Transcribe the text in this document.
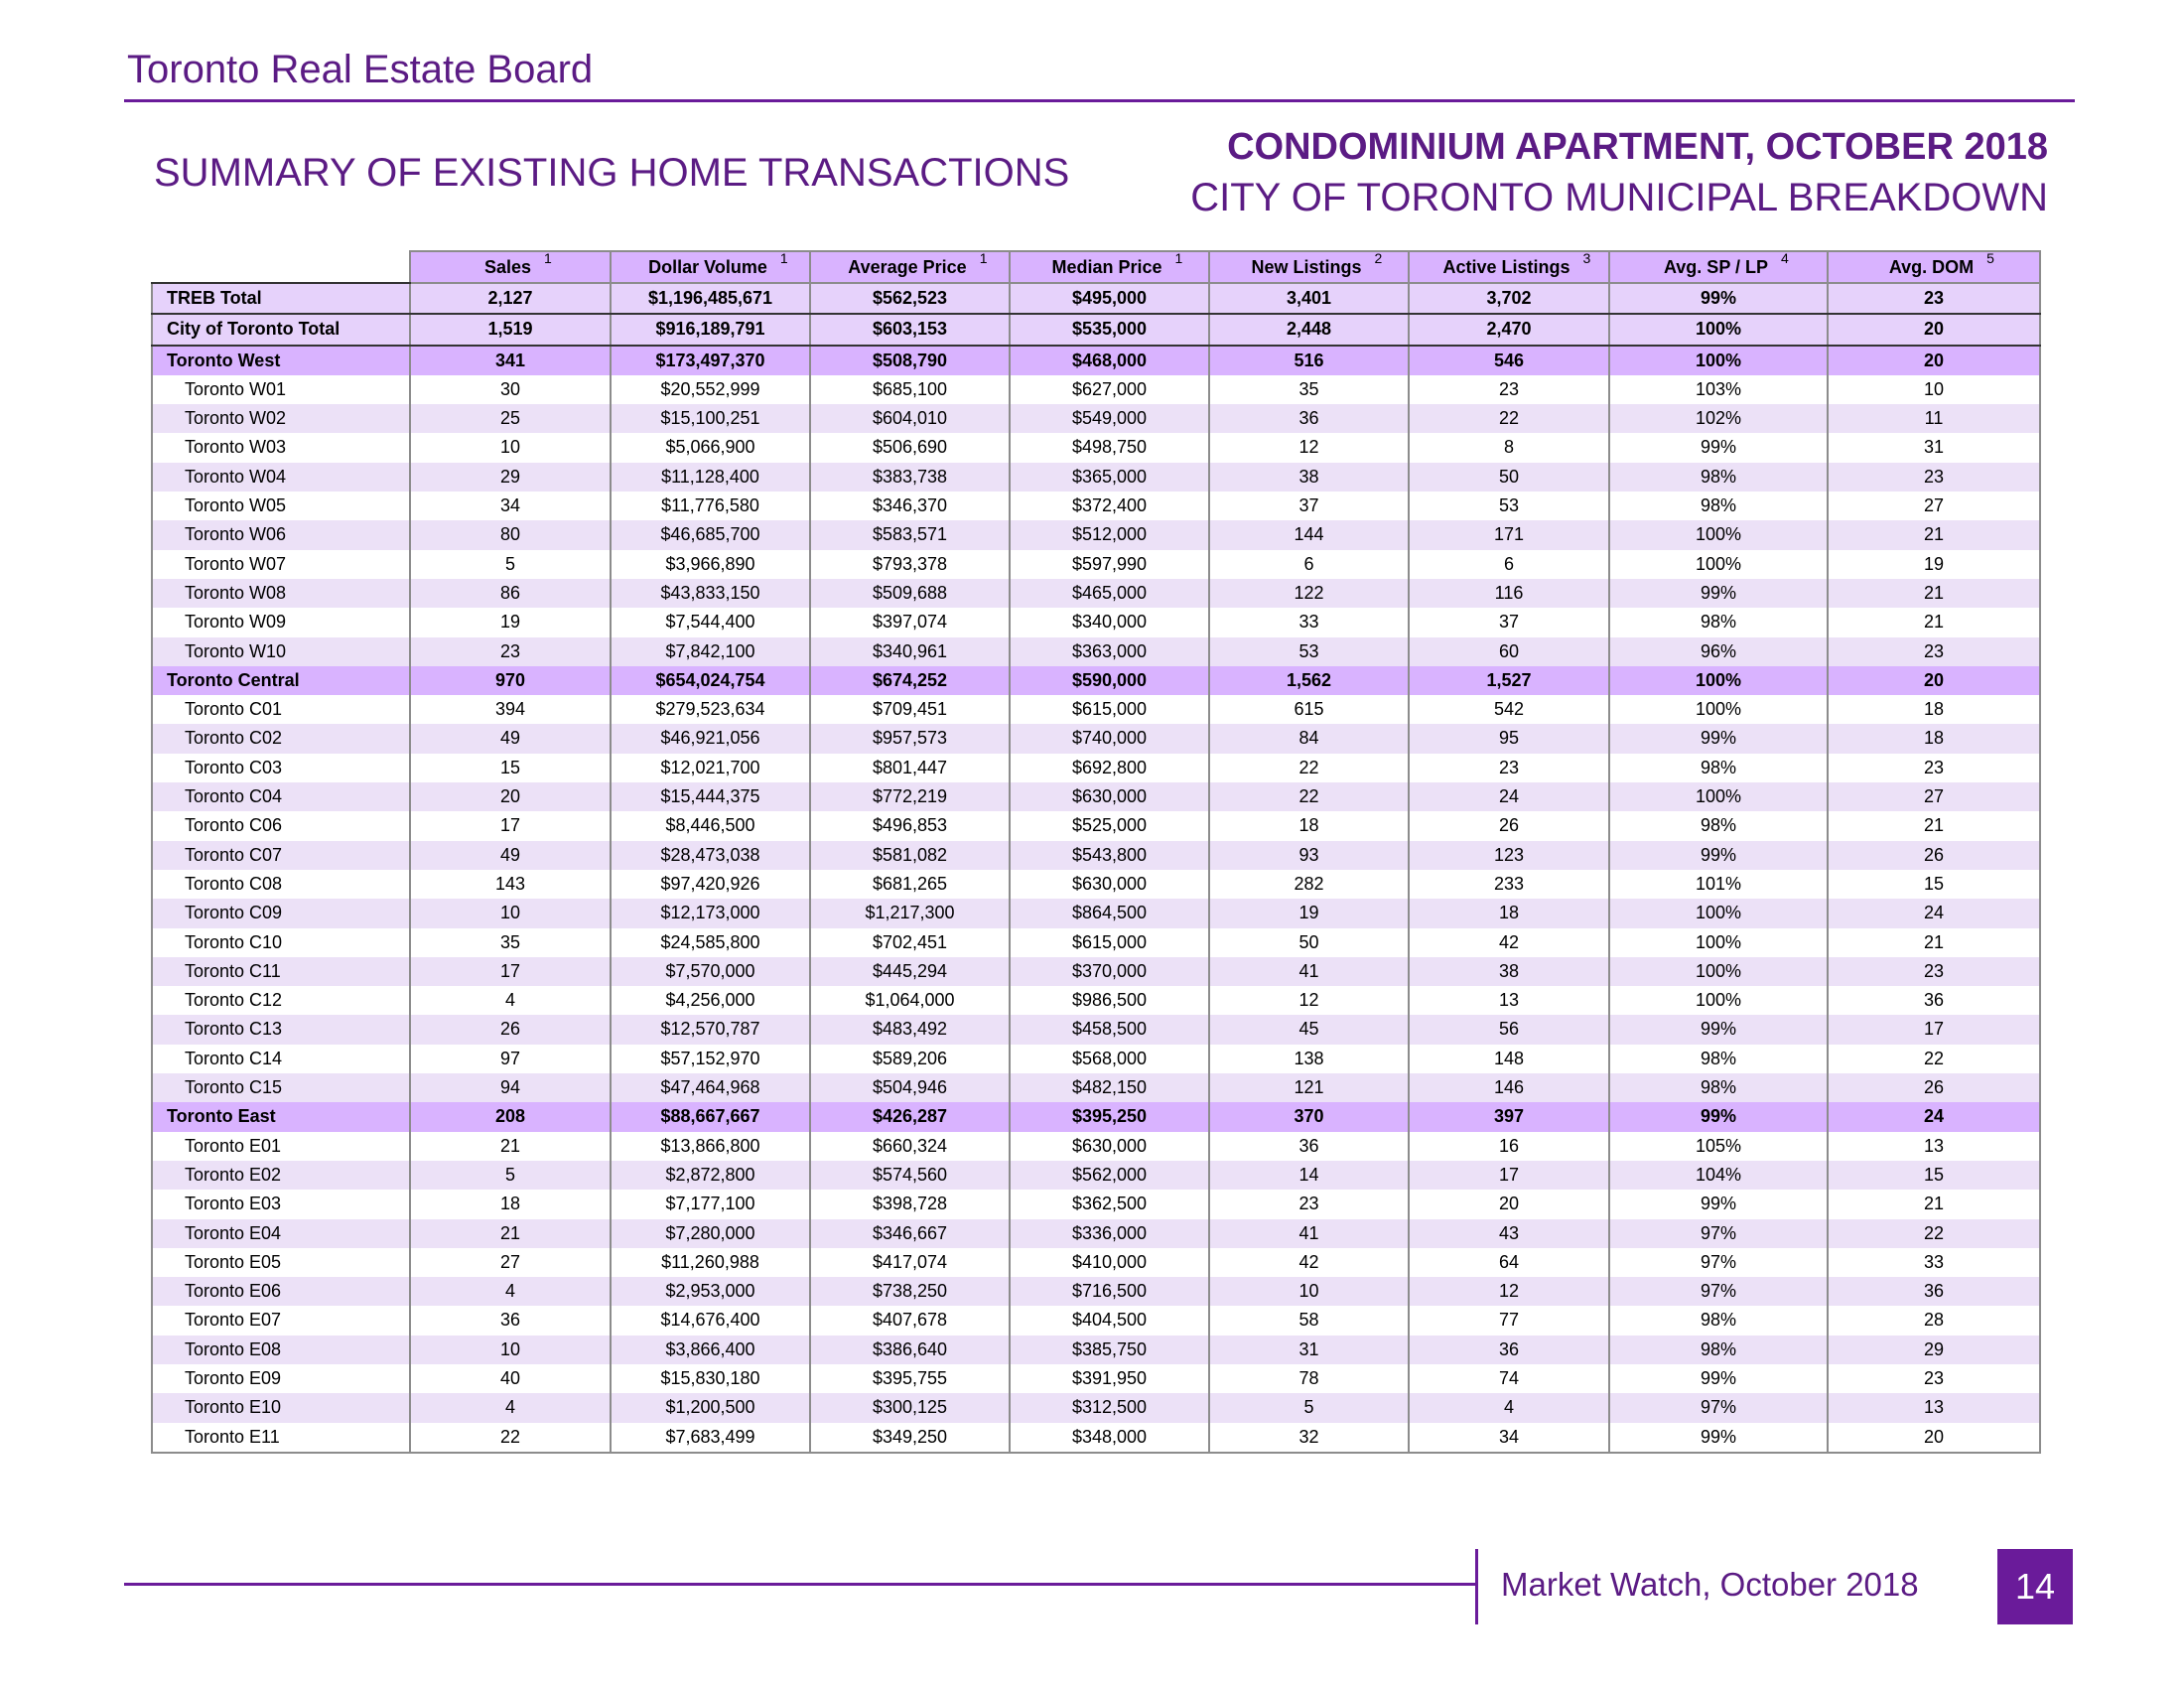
Toronto Real Estate Board
SUMMARY OF EXISTING HOME TRANSACTIONS
CONDOMINIUM APARTMENT, OCTOBER 2018
CITY OF TORONTO MUNICIPAL BREAKDOWN
	Sales 1	Dollar Volume 1	Average Price 1	Median Price 1	New Listings 2	Active Listings 3	Avg. SP / LP 4	Avg. DOM 5

TREB Total	2,127	$1,196,485,671	$562,523	$495,000	3,401	3,702	99%	23
City of Toronto Total	1,519	$916,189,791	$603,153	$535,000	2,448	2,470	100%	20
Toronto West	341	$173,497,370	$508,790	$468,000	516	546	100%	20
Toronto W01	30	$20,552,999	$685,100	$627,000	35	23	103%	10
Toronto W02	25	$15,100,251	$604,010	$549,000	36	22	102%	11
Toronto W03	10	$5,066,900	$506,690	$498,750	12	8	99%	31
Toronto W04	29	$11,128,400	$383,738	$365,000	38	50	98%	23
Toronto W05	34	$11,776,580	$346,370	$372,400	37	53	98%	27
Toronto W06	80	$46,685,700	$583,571	$512,000	144	171	100%	21
Toronto W07	5	$3,966,890	$793,378	$597,990	6	6	100%	19
Toronto W08	86	$43,833,150	$509,688	$465,000	122	116	99%	21
Toronto W09	19	$7,544,400	$397,074	$340,000	33	37	98%	21
Toronto W10	23	$7,842,100	$340,961	$363,000	53	60	96%	23
Toronto Central	970	$654,024,754	$674,252	$590,000	1,562	1,527	100%	20
Toronto C01	394	$279,523,634	$709,451	$615,000	615	542	100%	18
Toronto C02	49	$46,921,056	$957,573	$740,000	84	95	99%	18
Toronto C03	15	$12,021,700	$801,447	$692,800	22	23	98%	23
Toronto C04	20	$15,444,375	$772,219	$630,000	22	24	100%	27
Toronto C06	17	$8,446,500	$496,853	$525,000	18	26	98%	21
Toronto C07	49	$28,473,038	$581,082	$543,800	93	123	99%	26
Toronto C08	143	$97,420,926	$681,265	$630,000	282	233	101%	15
Toronto C09	10	$12,173,000	$1,217,300	$864,500	19	18	100%	24
Toronto C10	35	$24,585,800	$702,451	$615,000	50	42	100%	21
Toronto C11	17	$7,570,000	$445,294	$370,000	41	38	100%	23
Toronto C12	4	$4,256,000	$1,064,000	$986,500	12	13	100%	36
Toronto C13	26	$12,570,787	$483,492	$458,500	45	56	99%	17
Toronto C14	97	$57,152,970	$589,206	$568,000	138	148	98%	22
Toronto C15	94	$47,464,968	$504,946	$482,150	121	146	98%	26
Toronto East	208	$88,667,667	$426,287	$395,250	370	397	99%	24
Toronto E01	21	$13,866,800	$660,324	$630,000	36	16	105%	13
Toronto E02	5	$2,872,800	$574,560	$562,000	14	17	104%	15
Toronto E03	18	$7,177,100	$398,728	$362,500	23	20	99%	21
Toronto E04	21	$7,280,000	$346,667	$336,000	41	43	97%	22
Toronto E05	27	$11,260,988	$417,074	$410,000	42	64	97%	33
Toronto E06	4	$2,953,000	$738,250	$716,500	10	12	97%	36
Toronto E07	36	$14,676,400	$407,678	$404,500	58	77	98%	28
Toronto E08	10	$3,866,400	$386,640	$385,750	31	36	98%	29
Toronto E09	40	$15,830,180	$395,755	$391,950	78	74	99%	23
Toronto E10	4	$1,200,500	$300,125	$312,500	5	4	97%	13
Toronto E11	22	$7,683,499	$349,250	$348,000	32	34	99%	20
Market Watch, October 2018	14
